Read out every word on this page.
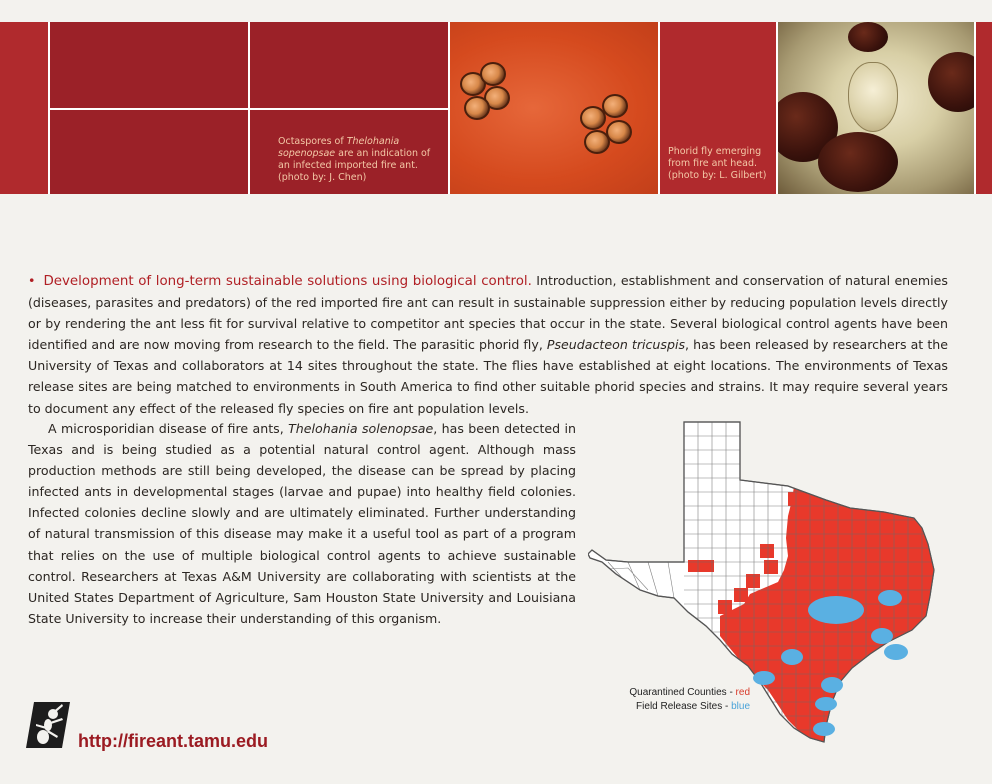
Octaspores of Thelohania
sopenopsae are an indication of
an infected imported fire ant.
(photo by: J. Chen)
Phorid fly emerging
from fire ant head.
(photo by: L. Gilbert)
• Development of long-term sustainable solutions using biological control. Introduction, establishment and conservation of natural enemies (diseases, parasites and predators) of the red imported fire ant can result in sustainable suppression either by reducing population levels directly or by rendering the ant less fit for survival relative to competitor ant species that occur in the state. Several biological control agents have been identified and are now moving from research to the field. The parasitic phorid fly, Pseudacteon tricuspis, has been released by researchers at the University of Texas and collaborators at 14 sites throughout the state. The flies have established at eight locations. The environments of Texas release sites are being matched to environments in South America to find other suitable phorid species and strains. It may require several years to document any effect of the released fly species on fire ant population levels.
A microsporidian disease of fire ants, Thelohania solenopsae, has been detected in Texas and is being studied as a potential natural control agent. Although mass production methods are still being developed, the disease can be spread by placing infected ants in developmental stages (larvae and pupae) into healthy field colonies. Infected colonies decline slowly and are ultimately eliminated. Further understanding of natural transmission of this disease may make it a useful tool as part of a program that relies on the use of multiple biological control agents to achieve sustainable control. Researchers at Texas A&M University are collaborating with scientists at the United States Department of Agriculture, Sam Houston State University and Louisiana State University to increase their understanding of this organism.
Quarantined Counties - red
Field Release Sites - blue
http://fireant.tamu.edu
